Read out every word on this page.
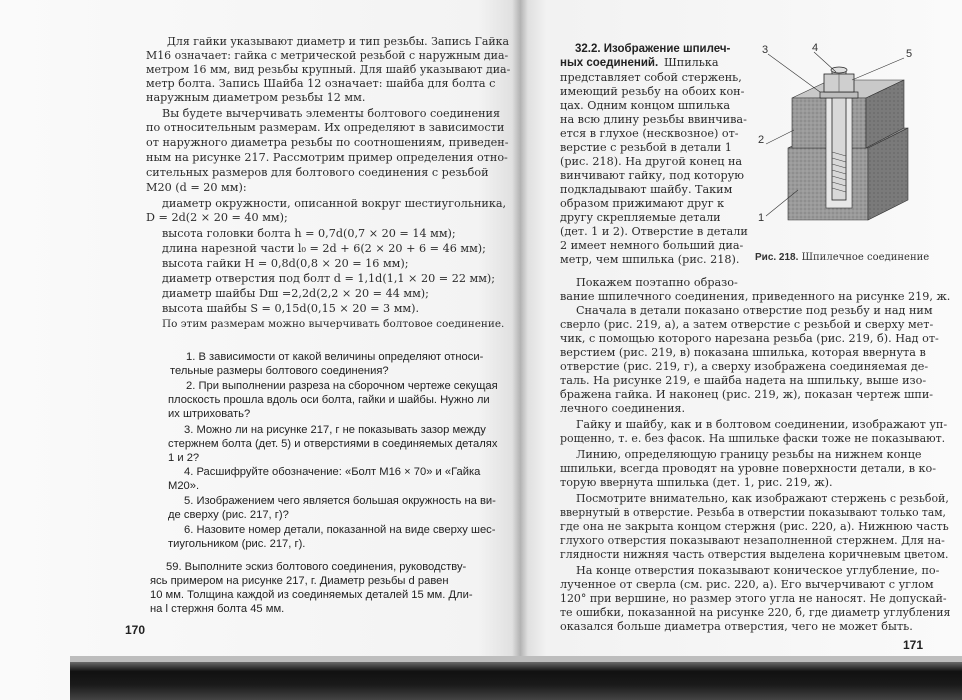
Для гайки указывают диаметр и тип резьбы. Запись Гайка
М16 означает: гайка с метрической резьбой с наружным диа-
метром 16 мм, вид резьбы крупный. Для шайб указывают диа-
метр болта. Запись Шайба 12 означает: шайба для болта с
наружным диаметром резьбы 12 мм.
Вы будете вычерчивать элементы болтового соединения
по относительным размерам. Их определяют в зависимости
от наружного диаметра резьбы по соотношениям, приведен-
ным на рисунке 217. Рассмотрим пример определения отно-
сительных размеров для болтового соединения с резьбой
М20 (d = 20 мм):
диаметр окружности, описанной вокруг шестиугольника,
D = 2d(2 × 20 = 40 мм);
высота головки болта h = 0,7d(0,7 × 20 = 14 мм);
длина нарезной части l₀ = 2d + 6(2 × 20 + 6 = 46 мм);
высота гайки H = 0,8d(0,8 × 20 = 16 мм);
диаметр отверстия под болт d = 1,1d(1,1 × 20 = 22 мм);
диаметр шайбы Dш =2,2d(2,2 × 20 = 44 мм);
высота шайбы S = 0,15d(0,15 × 20 = 3 мм).
По этим размерам можно вычерчивать болтовое соединение.
1. В зависимости от какой величины определяют относи-
тельные размеры болтового соединения?
2. При выполнении разреза на сборочном чертеже секущая
плоскость прошла вдоль оси болта, гайки и шайбы. Нужно ли
их штриховать?
3. Можно ли на рисунке 217, г не показывать зазор между
стержнем болта (дет. 5) и отверстиями в соединяемых деталях
1 и 2?
4. Расшифруйте обозначение: «Болт М16 × 70» и «Гайка
М20».
5. Изображением чего является большая окружность на ви-
де сверху (рис. 217, г)?
6. Назовите номер детали, показанной на виде сверху шес-
тиугольником (рис. 217, г).
59. Выполните эскиз болтового соединения, руководству-
ясь примером на рисунке 217, г. Диаметр резьбы d равен
10 мм. Толщина каждой из соединяемых деталей 15 мм. Дли-
на l стержня болта 45 мм.
170
32.2. Изображение шпилеч-
ных соединений. Шпилька
представляет собой стержень,
имеющий резьбу на обоих кон-
цах. Одним концом шпилька
на всю длину резьбы ввинчива-
ется в глухое (несквозное) от-
верстие с резьбой в детали 1
(рис. 218). На другой конец на
винчивают гайку, под которую
подкладывают шайбу. Таким
образом прижимают друг к
другу скрепляемые детали
(дет. 1 и 2). Отверстие в детали
2 имеет немного больший диа-
метр, чем шпилька (рис. 218).
3	4	5
2
1
Рис. 218. Шпилечное соединение
Покажем поэтапно образо-
вание шпилечного соединения, приведенного на рисунке 219, ж.
Сначала в детали показано отверстие под резьбу и над ним
сверло (рис. 219, а), а затем отверстие с резьбой и сверху мет-
чик, с помощью которого нарезана резьба (рис. 219, б). Над от-
верстием (рис. 219, в) показана шпилька, которая ввернута в
отверстие (рис. 219, г), а сверху изображена соединяемая де-
таль. На рисунке 219, е шайба надета на шпильку, выше изо-
бражена гайка. И наконец (рис. 219, ж), показан чертеж шпи-
лечного соединения.
Гайку и шайбу, как и в болтовом соединении, изображают уп-
рощенно, т. е. без фасок. На шпильке фаски тоже не показывают.
Линию, определяющую границу резьбы на нижнем конце
шпильки, всегда проводят на уровне поверхности детали, в ко-
торую ввернута шпилька (дет. 1, рис. 219, ж).
Посмотрите внимательно, как изображают стержень с резьбой,
ввернутый в отверстие. Резьба в отверстии показывают только там,
где она не закрыта концом стержня (рис. 220, а). Нижнюю часть
глухого отверстия показывают незаполненной стержнем. Для на-
глядности нижняя часть отверстия выделена коричневым цветом.
На конце отверстия показывают коническое углубление, по-
лученное от сверла (см. рис. 220, а). Его вычерчивают с углом
120° при вершине, но размер этого угла не наносят. Не допускай-
те ошибки, показанной на рисунке 220, б, где диаметр углубления
оказался больше диаметра отверстия, чего не может быть.
171
